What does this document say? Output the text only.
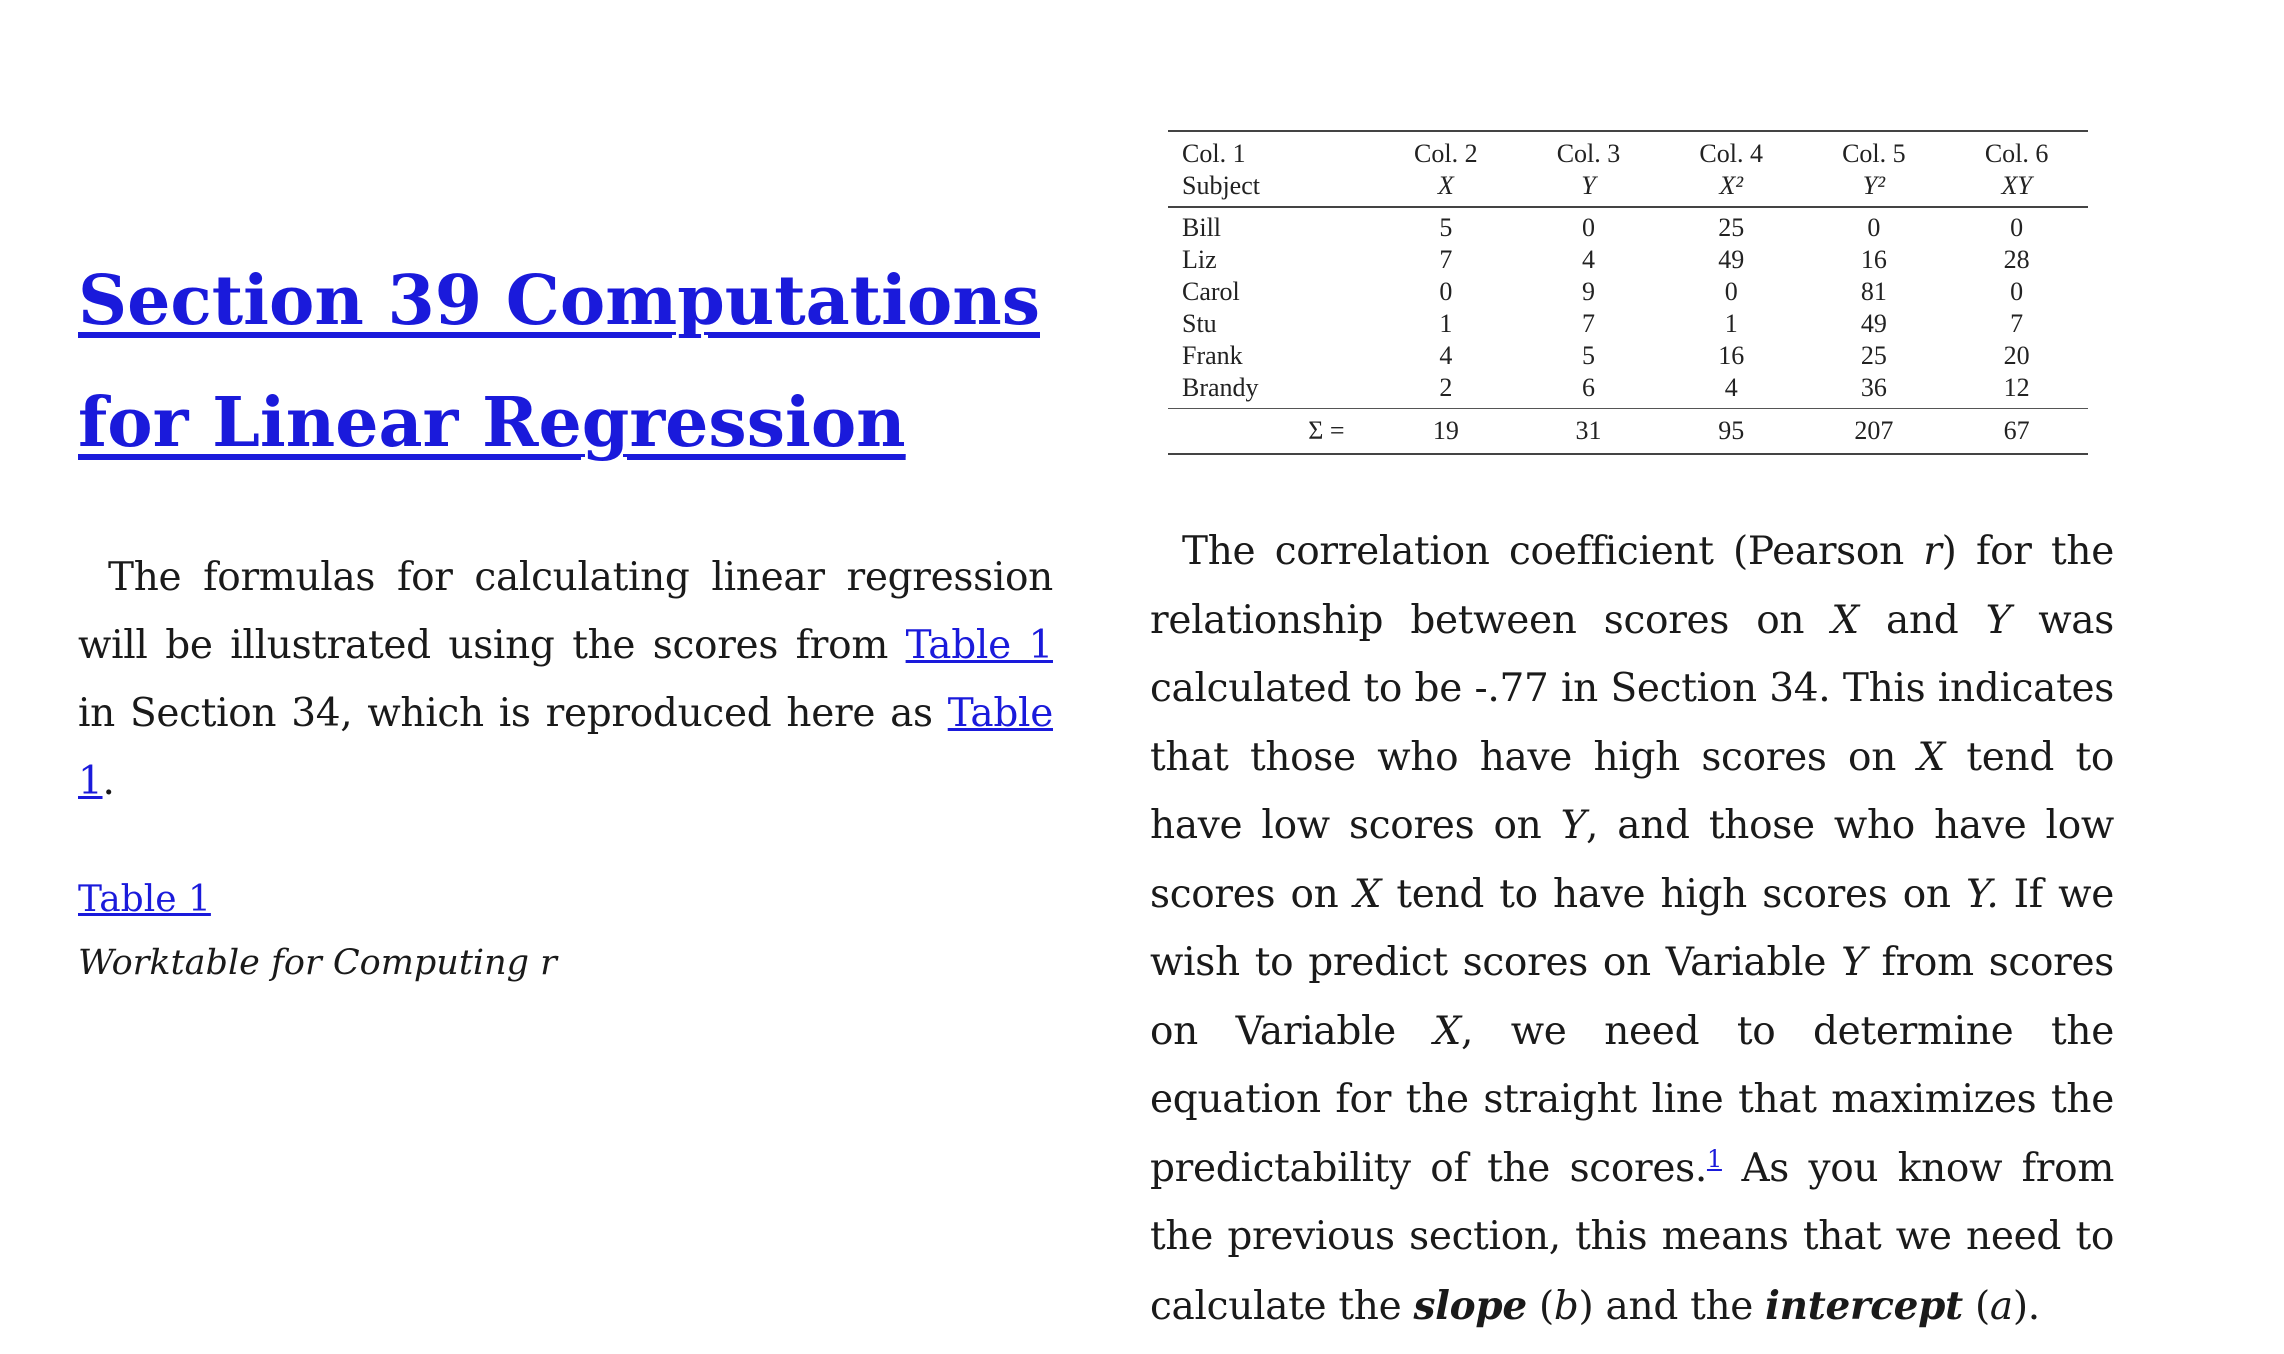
Section 39 Computations for Linear Regression

The formulas for calculating linear regression will be illustrated using the scores from Table 1 in Section 34, which is reproduced here as Table 1.

Table 1
Worktable for Computing r
Col. 1	Col. 2	Col. 3	Col. 4	Col. 5	Col. 6
Subject	X	Y	X²	Y²	XY
Bill	5	0	25	0	0
Liz	7	4	49	16	28
Carol	0	9	0	81	0
Stu	1	7	1	49	7
Frank	4	5	16	25	20
Brandy	2	6	4	36	12
Σ =	19	31	95	207	67

The correlation coefficient (Pearson r) for the relationship between scores on X and Y was calculated to be -.77 in Section 34. This indicates that those who have high scores on X tend to have low scores on Y, and those who have low scores on X tend to have high scores on Y. If we wish to predict scores on Variable Y from scores on Variable X, we need to determine the equation for the straight line that maximizes the predictability of the scores.$^1$ As you know from the previous section, this means that we need to calculate the slope (b) and the intercept (a).
